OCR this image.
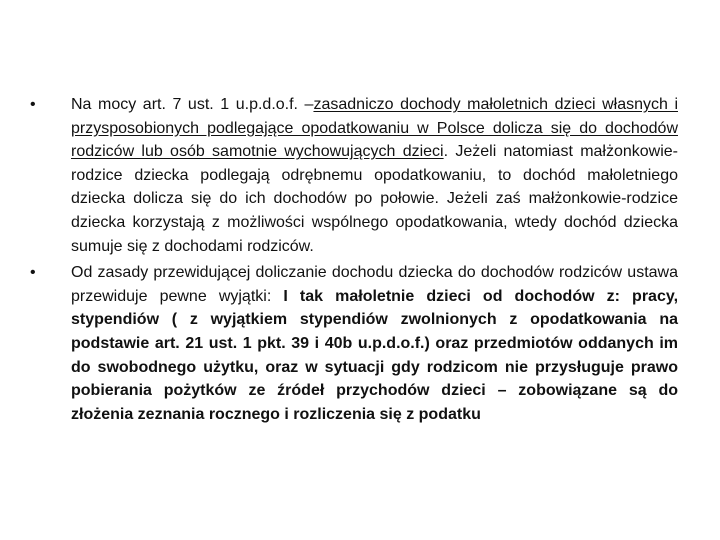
•	Na mocy art. 7 ust. 1 u.p.d.o.f. –zasadniczo dochody małoletnich dzieci własnych i przysposobionych podlegające opodatkowaniu w Polsce dolicza się do dochodów rodziców lub osób samotnie wychowujących dzieci. Jeżeli natomiast małżonkowie-rodzice dziecka podlegają odrębnemu opodatkowaniu, to dochód małoletniego dziecka dolicza się do ich dochodów po połowie. Jeżeli zaś małżonkowie-rodzice dziecka korzystają z możliwości wspólnego opodatkowania, wtedy dochód dziecka sumuje się z dochodami rodziców.
•	Od zasady przewidującej doliczanie dochodu dziecka do dochodów rodziców ustawa przewiduje pewne wyjątki: I tak małoletnie dzieci od dochodów z: pracy, stypendiów ( z wyjątkiem stypendiów zwolnionych z opodatkowania na podstawie art. 21 ust. 1 pkt. 39 i 40b u.p.d.o.f.) oraz przedmiotów oddanych im do swobodnego użytku, oraz w sytuacji gdy rodzicom nie przysługuje prawo pobierania pożytków ze źródeł przychodów dzieci – zobowiązane są do złożenia zeznania rocznego i rozliczenia się z podatku
